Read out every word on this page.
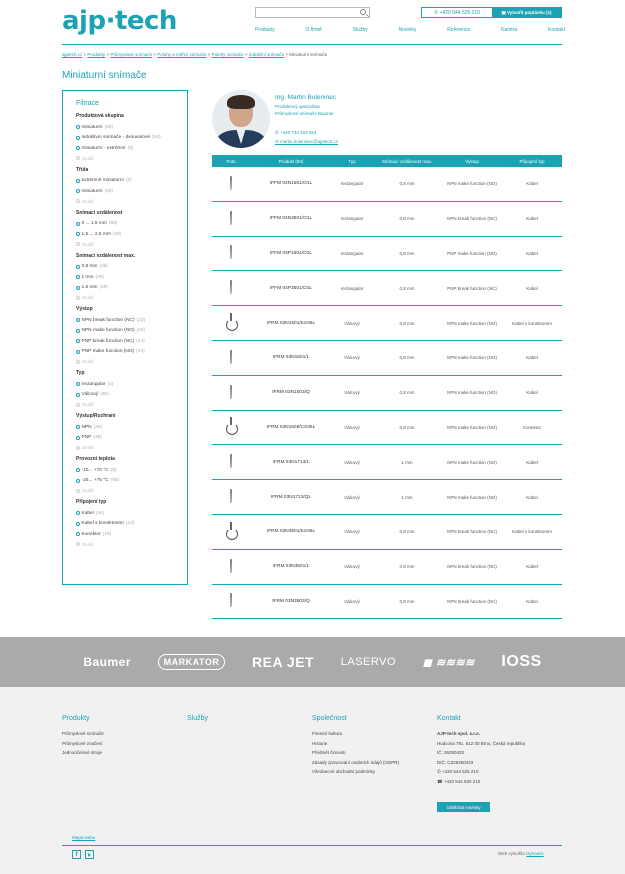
ajp·tech	✆ +420 544 525 210	▣ Vytvořit poptávku (1)
Produkty	O firmě	Služby	Novinky	Reference	Kariéra	Kontakt
ajptech.cz > Produkty > Průmyslové snímače > Polohy a měřicí snímače > Polohy snímače > Indukční snímače > Miniaturní snímače
Miniaturní snímače
Filtrace
Produktová skupina
miniaturní (66)
induktivní snímače - dvouvatové (54)
miniaturní - extrémní (8)
Zrušit
Třída
extrémně miniaturní (5)
miniaturní (35)
Zrušit
Snímací vzdálenost
0 ... 1,5 mm (65)
1,5 ... 2,5 mm (28)
Zrušit
Snímací vzdálenost max.
0,8 mm (28)
1 mm (29)
1,6 mm (28)
Zrušit
Výstup
NPN break function (NC) (23)
NPN make function (NO) (23)
PNP break function (NC) (24)
PNP make function (NO) (24)
Zrušit
Typ
rectangular (4)
Válcový (90)
Zrušit
Výstup/Rozhraní
NPN (46)
PNP (48)
Zrušit
Provozní teplota
-10... +70 °C (8)
-25... +75 °C (86)
Zrušit
Připojení typ
Kabel (44)
Kabel s konektorem (24)
Konektor (26)
Zrušit
Ing. Martin Buleninec
Produktový specialista
Průmyslové snímače Baumer
✆ +420 734 153 554
✉ martin.buleninec@ajptech.cz
Foto	Produkt (94)	Typ	Snímací vzdálenost max.	Výstup	Připojení typ
IFFM 04N1501/O1L	rectangular	0,8 mm	NPN make function (NO)	Kabel
IFFM 04N3501/O1L	rectangular	0,8 mm	NPN break function (NC)	Kabel
IFFM 04P1501/O1L	rectangular	0,8 mm	PNP make function (NO)	Kabel
IFFM 04P3501/O1L	rectangular	0,8 mm	PNP break function (NC)	Kabel
IFRM 03N1501/KS35L	Válcový	0,8 mm	NPN make function (NO)	Kabel s konektorem
IFRM 03N1501/L	Válcový	0,8 mm	NPN make function (NO)	Kabel
IFRM 03N1503/Q	Válcový	0,8 mm	NPN make function (NO)	Kabel
IFRM 03N1505/CS35L	Válcový	0,8 mm	NPN make function (NO)	Konektor
IFRM 03N1713/L	Válcový	1 mm	NPN make function (NO)	Kabel
IFRM 03N1713/QL	Válcový	1 mm	NPN make function (NO)	Kabel
IFRM 03N3501/KS35L	Válcový	0,8 mm	NPN break function (NC)	Kabel s konektorem
IFRM 03N3501/L	Válcový	0,8 mm	NPN break function (NC)	Kabel
IFRM 03N3503/Q	Válcový	0,8 mm	NPN break function (NC)	Kabel
Baumer	MARKATOR	REA JET LASERVO ◼ ≋≋≋≋ IOSS
Produkty
Průmyslové snímače
Průmyslové značení
Jednoúčelové stroje
Služby	Společnost
Firemní kultura
Historie
Předmět činnosti
Zásady zpracování osobních údajů (GDPR)
Všeobecné obchodní podmínky
Kontakt
AJP-tech spol. s.r.o.
Hudcova 78c, 612 00 Brno, Česká republika
IČ: 26280433
DIČ: CZ26280433
✆ +420 544 525 210
☎ +420 544 525 210
Odebírat novinky
Mapa webu
f	▶	Web vytvořilo Dynamic
